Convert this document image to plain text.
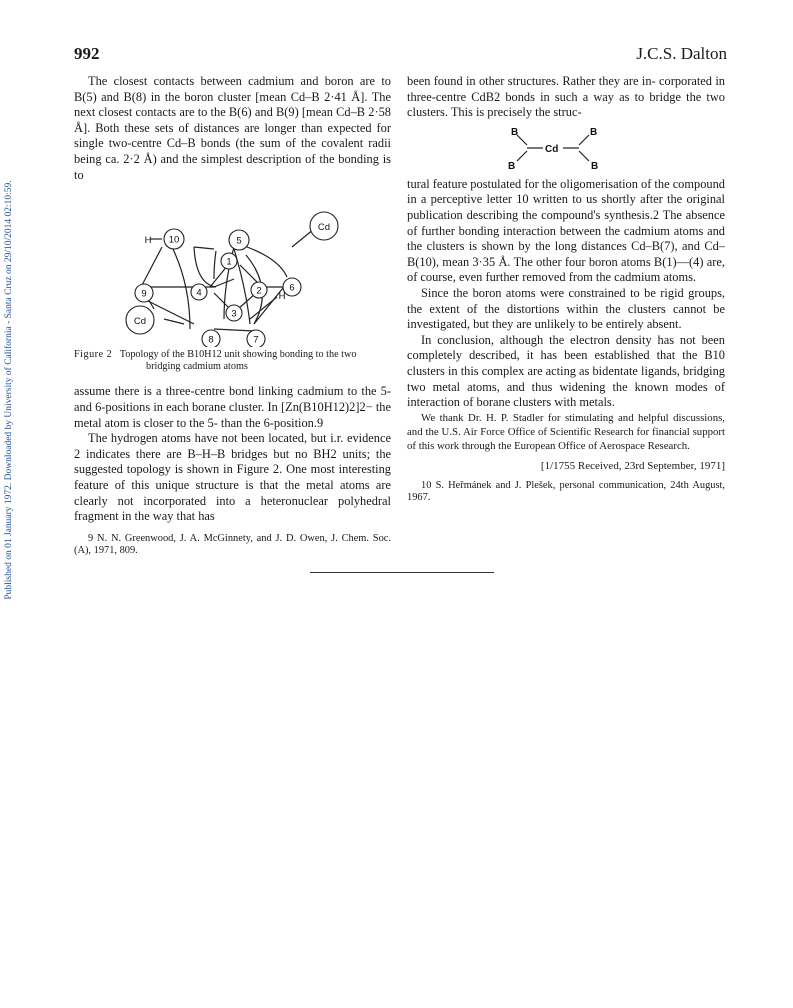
Published on 01 January 1972. Downloaded by University of California - Santa Cruz on 29/10/2014 02:10:59.
992	J.C.S. Dalton

The closest contacts between cadmium and boron are to B(5) and B(8) in the boron cluster [mean Cd–B 2·41 Å]. The next closest contacts are to the B(6) and B(9) [mean Cd–B 2·58 Å]. Both these sets of distances are longer than expected for single two-centre Cd–B bonds (the sum of the covalent radii being ca. 2·2 Å) and the simplest description of the bonding is to

10	5
1
9	4	2	6
3
8	7
Cd
Cd
H
H
Figure 2 Topology of the B10H12 unit showing bonding to the two bridging cadmium atoms

assume there is a three-centre bond linking cadmium to the 5- and 6-positions in each borane cluster. In [Zn(B10H12)2]2− the metal atom is closer to the 5- than the 6-position.9

The hydrogen atoms have not been located, but i.r. evidence 2 indicates there are B–H–B bridges but no BH2 units; the suggested topology is shown in Figure 2. One most interesting feature of this unique structure is that the metal atoms are clearly not incorporated into a heteronuclear polyhedral fragment in the way that has

9 N. N. Greenwood, J. A. McGinnety, and J. D. Owen, J. Chem. Soc. (A), 1971, 809.

been found in other structures. Rather they are in- corporated in three-centre CdB2 bonds in such a way as to bridge the two clusters. This is precisely the struc-

B	B
B	B
Cd

tural feature postulated for the oligomerisation of the compound in a perceptive letter 10 written to us shortly after the original publication describing the compound's synthesis.2 The absence of further bonding interaction between the cadmium atoms and the clusters is shown by the long distances Cd–B(7), and Cd–B(10), mean 3·35 Å. The other four boron atoms B(1)—(4) are, of course, even further removed from the cadmium atoms.

Since the boron atoms were constrained to be rigid groups, the extent of the distortions within the clusters cannot be investigated, but they are unlikely to be entirely absent.

In conclusion, although the electron density has not been completely described, it has been established that the B10 clusters in this complex are acting as bidentate ligands, bridging two metal atoms, and thus widening the known modes of interaction of borane clusters with metals.

We thank Dr. H. P. Stadler for stimulating and helpful discussions, and the U.S. Air Force Office of Scientific Research for financial support of this work through the European Office of Aerospace Research.

[1/1755 Received, 23rd September, 1971]

10 S. Heřmánek and J. Plešek, personal communication, 24th August, 1967.
